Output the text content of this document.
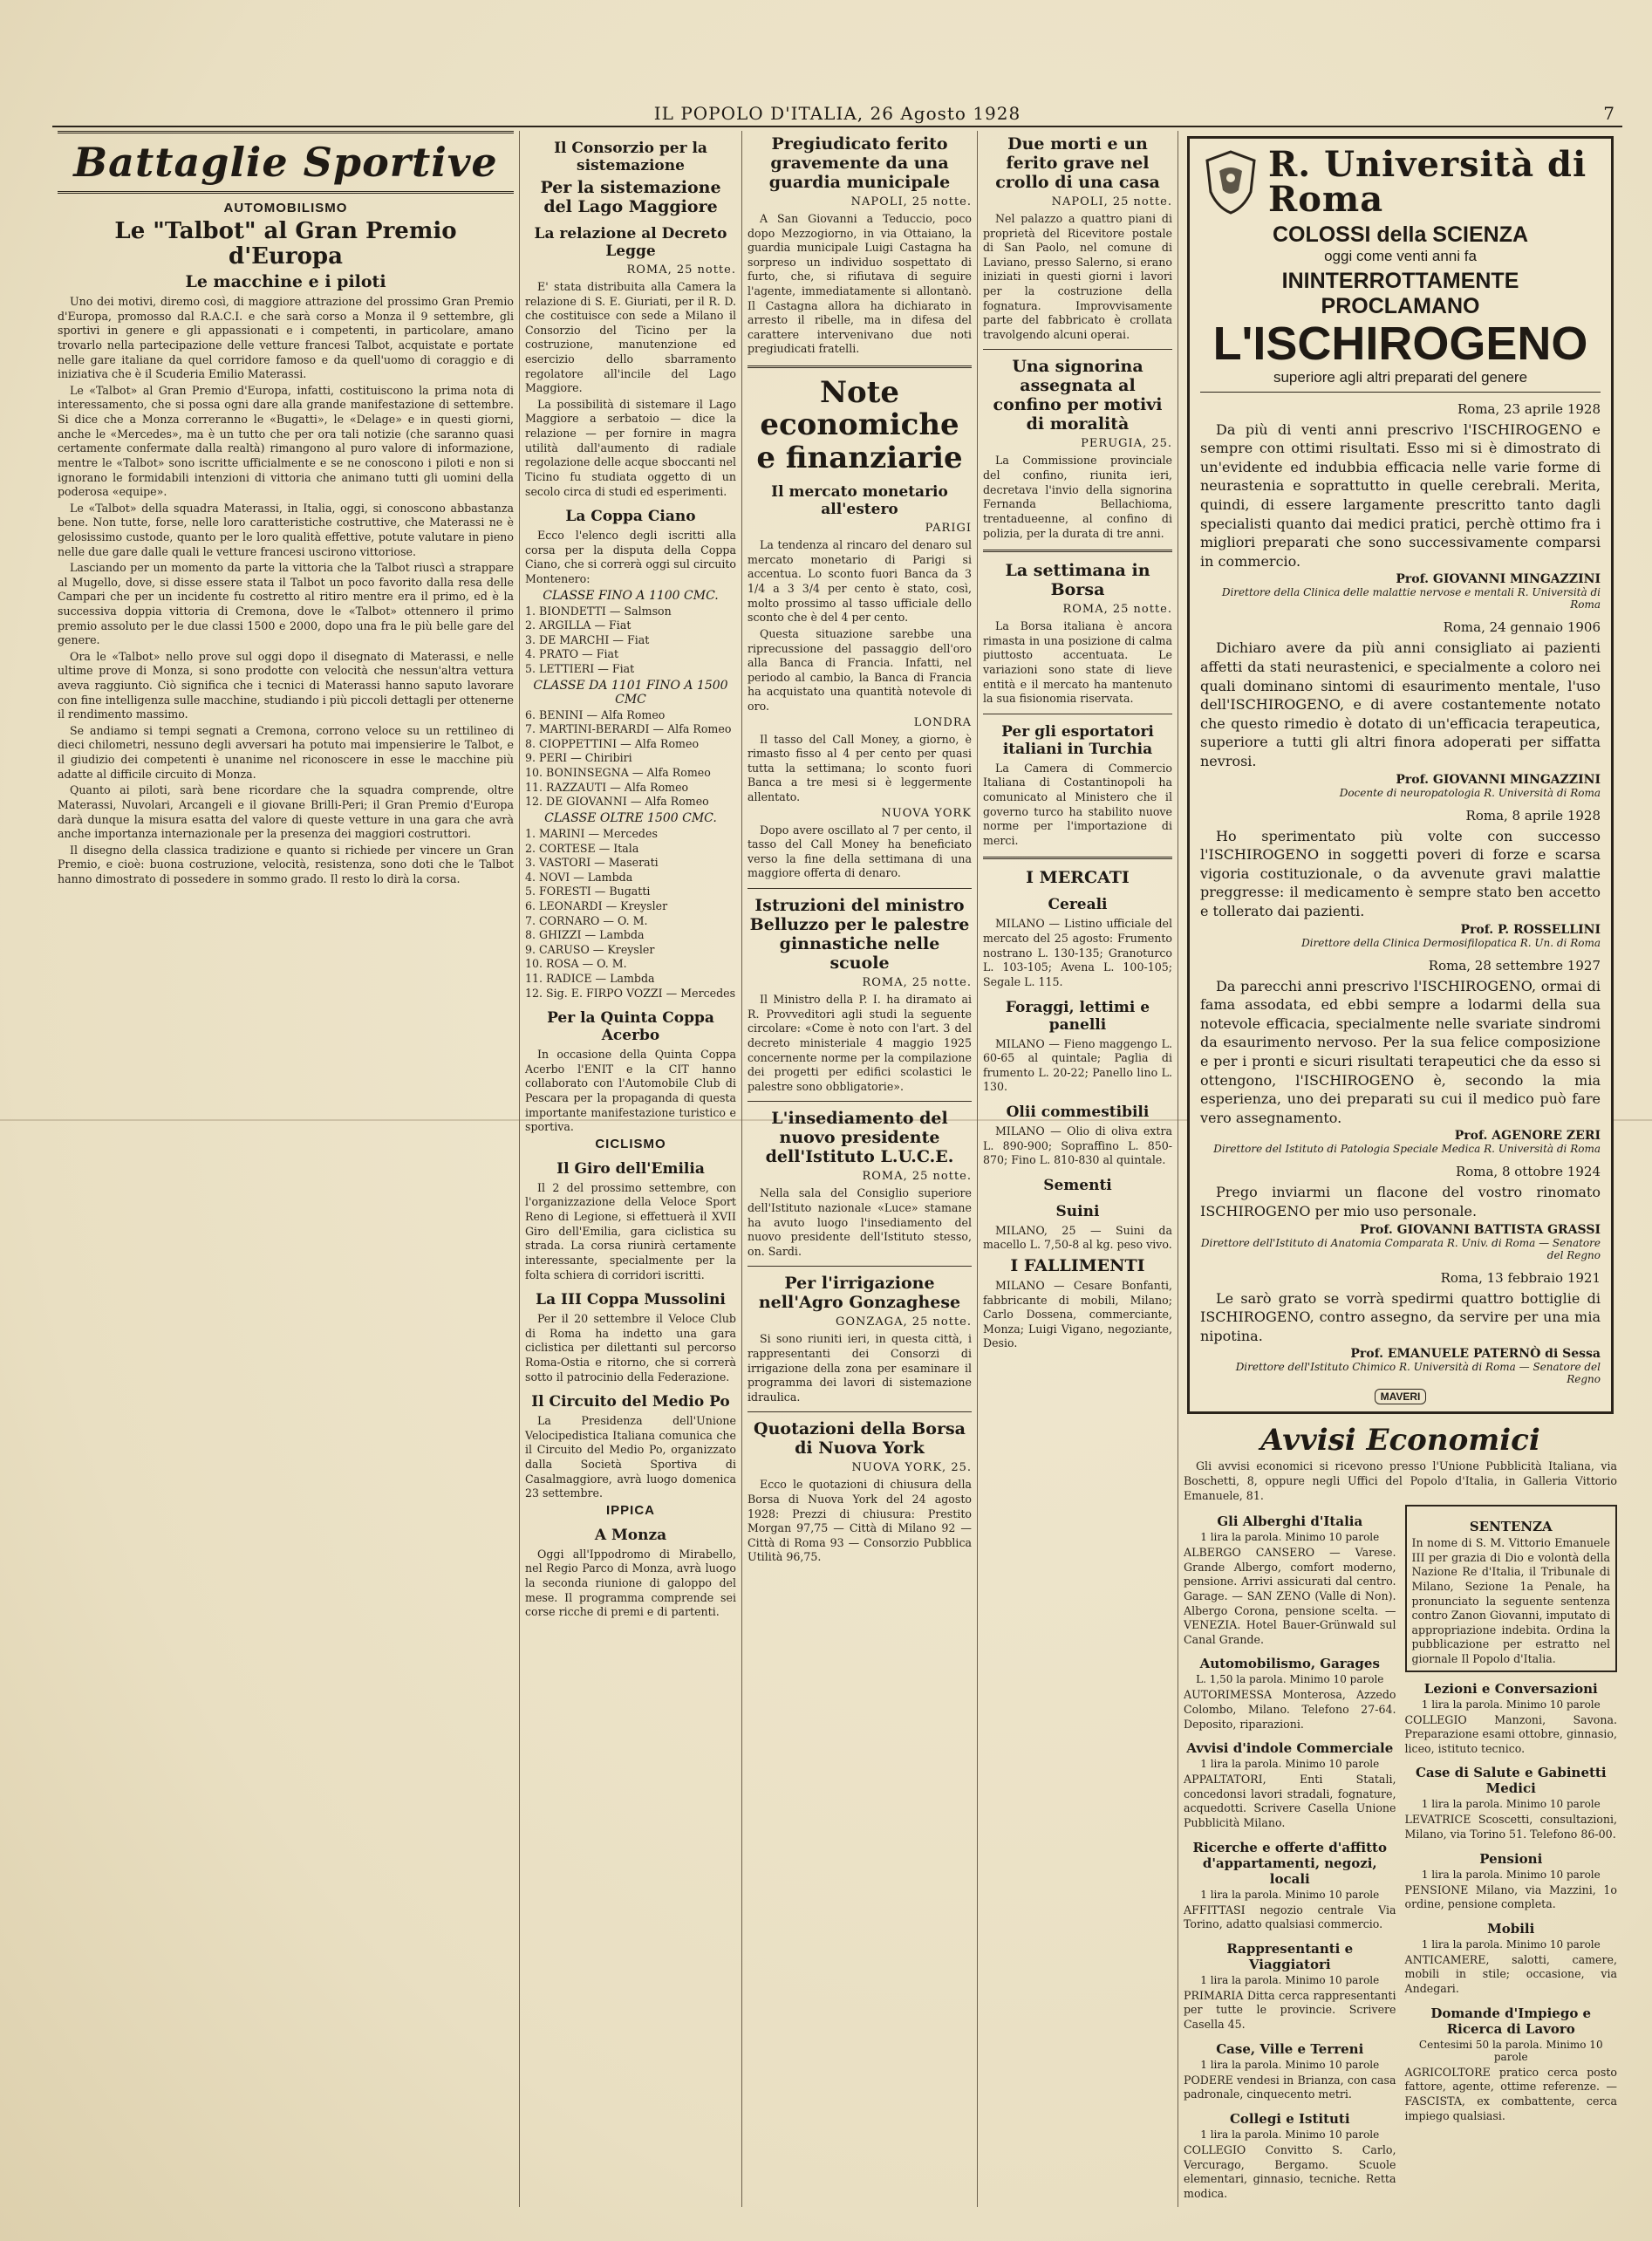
IL POPOLO D'ITALIA, 26 Agosto 1928	7
Battaglie Sportive
AUTOMOBILISMO
Le "Talbot" al Gran Premio d'Europa
Le macchine e i piloti

Uno dei motivi, diremo così, di maggiore attrazione del prossimo Gran Premio d'Europa, promosso dal R.A.C.I. e che sarà corso a Monza il 9 settembre, gli sportivi in genere e gli appassionati e i competenti, in particolare, amano trovarlo nella partecipazione delle vetture francesi Talbot, acquistate e portate nelle gare italiane da quel corridore famoso e da quell'uomo di coraggio e di iniziativa che è il Scuderia Emilio Materassi.

Le «Talbot» al Gran Premio d'Europa, infatti, costituiscono la prima nota di interessamento, che si possa ogni dare alla grande manifestazione di settembre. Si dice che a Monza correranno le «Bugatti», le «Delage» e in questi giorni, anche le «Mercedes», ma è un tutto che per ora tali notizie (che saranno quasi certamente confermate dalla realtà) rimangono al puro valore di informazione, mentre le «Talbot» sono iscritte ufficialmente e se ne conoscono i piloti e non si ignorano le formidabili intenzioni di vittoria che animano tutti gli uomini della poderosa «equipe».

Le «Talbot» della squadra Materassi, in Italia, oggi, si conoscono abbastanza bene. Non tutte, forse, nelle loro caratteristiche costruttive, che Materassi ne è gelosissimo custode, quanto per le loro qualità effettive, potute valutare in pieno nelle due gare dalle quali le vetture francesi uscirono vittoriose.

Lasciando per un momento da parte la vittoria che la Talbot riuscì a strappare al Mugello, dove, si disse essere stata il Talbot un poco favorito dalla resa delle Campari che per un incidente fu costretto al ritiro mentre era il primo, ed è la successiva doppia vittoria di Cremona, dove le «Talbot» ottennero il primo premio assoluto per le due classi 1500 e 2000, dopo una fra le più belle gare del genere.

Ora le «Talbot» nello prove sul oggi dopo il disegnato di Materassi, e nelle ultime prove di Monza, si sono prodotte con velocità che nessun'altra vettura aveva raggiunto. Ciò significa che i tecnici di Materassi hanno saputo lavorare con fine intelligenza sulle macchine, studiando i più piccoli dettagli per ottenerne il rendimento massimo.

Se andiamo si tempi segnati a Cremona, corrono veloce su un rettilineo di dieci chilometri, nessuno degli avversari ha potuto mai impensierire le Talbot, e il giudizio dei competenti è unanime nel riconoscere in esse le macchine più adatte al difficile circuito di Monza.

Quanto ai piloti, sarà bene ricordare che la squadra comprende, oltre Materassi, Nuvolari, Arcangeli e il giovane Brilli-Peri; il Gran Premio d'Europa darà dunque la misura esatta del valore di queste vetture in una gara che avrà anche importanza internazionale per la presenza dei maggiori costruttori.

Il disegno della classica tradizione e quanto si richiede per vincere un Gran Premio, e cioè: buona costruzione, velocità, resistenza, sono doti che le Talbot hanno dimostrato di possedere in sommo grado. Il resto lo dirà la corsa.

Il Consorzio per la sistemazione
Per la sistemazione del Lago Maggiore
La relazione al Decreto Legge
ROMA, 25 notte.

E' stata distribuita alla Camera la relazione di S. E. Giuriati, per il R. D. che costituisce con sede a Milano il Consorzio del Ticino per la costruzione, manutenzione ed esercizio dello sbarramento regolatore all'incile del Lago Maggiore.

La possibilità di sistemare il Lago Maggiore a serbatoio — dice la relazione — per fornire in magra utilità dall'aumento di radiale regolazione delle acque sboccanti nel Ticino fu studiata oggetto di un secolo circa di studi ed esperimenti.

La Coppa Ciano

Ecco l'elenco degli iscritti alla corsa per la disputa della Coppa Ciano, che si correrà oggi sul circuito Montenero:

CLASSE FINO A 1100 CMC.
1. BIONDETTI — Salmson
2. ARGILLA — Fiat
3. DE MARCHI — Fiat
4. PRATO — Fiat
5. LETTIERI — Fiat
CLASSE DA 1101 FINO A 1500 CMC
6. BENINI — Alfa Romeo
7. MARTINI-BERARDI — Alfa Romeo
8. CIOPPETTINI — Alfa Romeo
9. PERI — Chiribiri
10. BONINSEGNA — Alfa Romeo
11. RAZZAUTI — Alfa Romeo
12. DE GIOVANNI — Alfa Romeo
CLASSE OLTRE 1500 CMC.
1. MARINI — Mercedes
2. CORTESE — Itala
3. VASTORI — Maserati
4. NOVI — Lambda
5. FORESTI — Bugatti
6. LEONARDI — Kreysler
7. CORNARO — O. M.
8. GHIZZI — Lambda
9. CARUSO — Kreysler
10. ROSA — O. M.
11. RADICE — Lambda
12. Sig. E. FIRPO VOZZI — Mercedes
Per la Quinta Coppa Acerbo

In occasione della Quinta Coppa Acerbo l'ENIT e la CIT hanno collaborato con l'Automobile Club di Pescara per la propaganda di questa importante manifestazione turistico e sportiva.

CICLISMO
Il Giro dell'Emilia

Il 2 del prossimo settembre, con l'organizzazione della Veloce Sport Reno di Legione, si effettuerà il XVII Giro dell'Emilia, gara ciclistica su strada. La corsa riunirà certamente interessante, specialmente per la folta schiera di corridori iscritti.

La III Coppa Mussolini

Per il 20 settembre il Veloce Club di Roma ha indetto una gara ciclistica per dilettanti sul percorso Roma-Ostia e ritorno, che si correrà sotto il patrocinio della Federazione.

Il Circuito del Medio Po

La Presidenza dell'Unione Velocipedistica Italiana comunica che il Circuito del Medio Po, organizzato dalla Società Sportiva di Casalmaggiore, avrà luogo domenica 23 settembre.

IPPICA
A Monza

Oggi all'Ippodromo di Mirabello, nel Regio Parco di Monza, avrà luogo la seconda riunione di galoppo del mese. Il programma comprende sei corse ricche di premi e di partenti.

Pregiudicato ferito gravemente da una guardia municipale
NAPOLI, 25 notte.

A San Giovanni a Teduccio, poco dopo Mezzogiorno, in via Ottaiano, la guardia municipale Luigi Castagna ha sorpreso un individuo sospettato di furto, che, si rifiutava di seguire l'agente, immediatamente si allontanò. Il Castagna allora ha dichiarato in arresto il ribelle, ma in difesa del carattere intervenivano due noti pregiudicati fratelli.

Note economiche e finanziarie
Il mercato monetario all'estero
PARIGI

La tendenza al rincaro del denaro sul mercato monetario di Parigi si accentua. Lo sconto fuori Banca da 3 1/4 a 3 3/4 per cento è stato, così, molto prossimo al tasso ufficiale dello sconto che è del 4 per cento.

Questa situazione sarebbe una riprecussione del passaggio dell'oro alla Banca di Francia. Infatti, nel periodo al cambio, la Banca di Francia ha acquistato una quantità notevole di oro.

LONDRA

Il tasso del Call Money, a giorno, è rimasto fisso al 4 per cento per quasi tutta la settimana; lo sconto fuori Banca a tre mesi si è leggermente allentato.

NUOVA YORK

Dopo avere oscillato al 7 per cento, il tasso del Call Money ha beneficiato verso la fine della settimana di una maggiore offerta di denaro.

Istruzioni del ministro Belluzzo per le palestre ginnastiche nelle scuole
ROMA, 25 notte.

Il Ministro della P. I. ha diramato ai R. Provveditori agli studi la seguente circolare: «Come è noto con l'art. 3 del decreto ministeriale 4 maggio 1925 concernente norme per la compilazione dei progetti per edifici scolastici le palestre sono obbligatorie».

L'insediamento del nuovo presidente dell'Istituto L.U.C.E.
ROMA, 25 notte.

Nella sala del Consiglio superiore dell'Istituto nazionale «Luce» stamane ha avuto luogo l'insediamento del nuovo presidente dell'Istituto stesso, on. Sardi.

Per l'irrigazione nell'Agro Gonzaghese
GONZAGA, 25 notte.

Si sono riuniti ieri, in questa città, i rappresentanti dei Consorzi di irrigazione della zona per esaminare il programma dei lavori di sistemazione idraulica.

Quotazioni della Borsa di Nuova York
NUOVA YORK, 25.

Ecco le quotazioni di chiusura della Borsa di Nuova York del 24 agosto 1928: Prezzi di chiusura: Prestito Morgan 97,75 — Città di Milano 92 — Città di Roma 93 — Consorzio Pubblica Utilità 96,75.

Due morti e un ferito grave nel crollo di una casa
NAPOLI, 25 notte.

Nel palazzo a quattro piani di proprietà del Ricevitore postale di San Paolo, nel comune di Laviano, presso Salerno, si erano iniziati in questi giorni i lavori per la costruzione della fognatura. Improvvisamente parte del fabbricato è crollata travolgendo alcuni operai.

Una signorina assegnata al confino per motivi di moralità
PERUGIA, 25.

La Commissione provinciale del confino, riunita ieri, decretava l'invio della signorina Fernanda Bellachioma, trentadueenne, al confino di polizia, per la durata di tre anni.

La settimana in Borsa
ROMA, 25 notte.

La Borsa italiana è ancora rimasta in una posizione di calma piuttosto accentuata. Le variazioni sono state di lieve entità e il mercato ha mantenuto la sua fisionomia riservata.

Per gli esportatori italiani in Turchia

La Camera di Commercio Italiana di Costantinopoli ha comunicato al Ministero che il governo turco ha stabilito nuove norme per l'importazione di merci.

I MERCATI
Cereali

MILANO — Listino ufficiale del mercato del 25 agosto: Frumento nostrano L. 130-135; Granoturco L. 103-105; Avena L. 100-105; Segale L. 115.

Foraggi, lettimi e panelli

MILANO — Fieno maggengo L. 60-65 al quintale; Paglia di frumento L. 20-22; Panello lino L. 130.

Olii commestibili

MILANO — Olio di oliva extra L. 890-900; Sopraffino L. 850-870; Fino L. 810-830 al quintale.

Sementi
Suini

MILANO, 25 — Suini da macello L. 7,50-8 al kg. peso vivo.

I FALLIMENTI

MILANO — Cesare Bonfanti, fabbricante di mobili, Milano; Carlo Dossena, commerciante, Monza; Luigi Vigano, negoziante, Desio.

R. Università di Roma
COLOSSI della SCIENZA
oggi come venti anni fa
ININTERROTTAMENTE PROCLAMANO
L'ISCHIROGENO
superiore agli altri preparati del genere
Roma, 23 aprile 1928
Da più di venti anni prescrivo l'ISCHIROGENO e sempre con ottimi risultati. Esso mi si è dimostrato di un'evidente ed indubbia efficacia nelle varie forme di neurastenia e soprattutto in quelle cerebrali. Merita, quindi, di essere largamente prescritto tanto dagli specialisti quanto dai medici pratici, perchè ottimo fra i migliori preparati che sono successivamente comparsi in commercio.
Prof. GIOVANNI MINGAZZINI
Direttore della Clinica delle malattie nervose e mentali R. Università di Roma
Roma, 24 gennaio 1906
Dichiaro avere da più anni consigliato ai pazienti affetti da stati neurastenici, e specialmente a coloro nei quali dominano sintomi di esaurimento mentale, l'uso dell'ISCHIROGENO, e di avere costantemente notato che questo rimedio è dotato di un'efficacia terapeutica, superiore a tutti gli altri finora adoperati per siffatta nevrosi.
Prof. GIOVANNI MINGAZZINI
Docente di neuropatologia R. Università di Roma
Roma, 8 aprile 1928
Ho sperimentato più volte con successo l'ISCHIROGENO in soggetti poveri di forze e scarsa vigoria costituzionale, o da avvenute gravi malattie preggresse: il medicamento è sempre stato ben accetto e tollerato dai pazienti.
Prof. P. ROSSELLINI
Direttore della Clinica Dermosifilopatica R. Un. di Roma
Roma, 28 settembre 1927
Da parecchi anni prescrivo l'ISCHIROGENO, ormai di fama assodata, ed ebbi sempre a lodarmi della sua notevole efficacia, specialmente nelle svariate sindromi da esaurimento nervoso. Per la sua felice composizione e per i pronti e sicuri risultati terapeutici che da esso si ottengono, l'ISCHIROGENO è, secondo la mia esperienza, uno dei preparati su cui il medico può fare vero assegnamento.
Prof. AGENORE ZERI
Direttore del Istituto di Patologia Speciale Medica R. Università di Roma
Roma, 8 ottobre 1924
Prego inviarmi un flacone del vostro rinomato ISCHIROGENO per mio uso personale.
Prof. GIOVANNI BATTISTA GRASSI
Direttore dell'Istituto di Anatomia Comparata R. Univ. di Roma — Senatore del Regno
Roma, 13 febbraio 1921
Le sarò grato se vorrà spedirmi quattro bottiglie di ISCHIROGENO, contro assegno, da servire per una mia nipotina.
Prof. EMANUELE PATERNÒ di Sessa
Direttore dell'Istituto Chimico R. Università di Roma — Senatore del Regno
MAVERI
Avvisi Economici

Gli avvisi economici si ricevono presso l'Unione Pubblicità Italiana, via Boschetti, 8, oppure negli Uffici del Popolo d'Italia, in Galleria Vittorio Emanuele, 81.

Gli Alberghi d'Italia
1 lira la parola. Minimo 10 parole
ALBERGO CANSERO — Varese. Grande Albergo, comfort moderno, pensione. Arrivi assicurati dal centro. Garage. — SAN ZENO (Valle di Non). Albergo Corona, pensione scelta. — VENEZIA. Hotel Bauer-Grünwald sul Canal Grande.
Automobilismo, Garages
L. 1,50 la parola. Minimo 10 parole
AUTORIMESSA Monterosa, Azzedo Colombo, Milano. Telefono 27-64. Deposito, riparazioni.
Avvisi d'indole Commerciale
1 lira la parola. Minimo 10 parole
APPALTATORI, Enti Statali, concedonsi lavori stradali, fognature, acquedotti. Scrivere Casella Unione Pubblicità Milano.
Ricerche e offerte d'affitto d'appartamenti, negozi, locali
1 lira la parola. Minimo 10 parole
AFFITTASI negozio centrale Via Torino, adatto qualsiasi commercio.
Rappresentanti e Viaggiatori
1 lira la parola. Minimo 10 parole
PRIMARIA Ditta cerca rappresentanti per tutte le provincie. Scrivere Casella 45.
Case, Ville e Terreni
1 lira la parola. Minimo 10 parole
PODERE vendesi in Brianza, con casa padronale, cinquecento metri.
Collegi e Istituti
1 lira la parola. Minimo 10 parole
COLLEGIO Convitto S. Carlo, Vercurago, Bergamo. Scuole elementari, ginnasio, tecniche. Retta modica.
SENTENZA
In nome di S. M. Vittorio Emanuele III per grazia di Dio e volontà della Nazione Re d'Italia, il Tribunale di Milano, Sezione 1a Penale, ha pronunciato la seguente sentenza contro Zanon Giovanni, imputato di appropriazione indebita. Ordina la pubblicazione per estratto nel giornale Il Popolo d'Italia.
Lezioni e Conversazioni
1 lira la parola. Minimo 10 parole
COLLEGIO Manzoni, Savona. Preparazione esami ottobre, ginnasio, liceo, istituto tecnico.
Case di Salute e Gabinetti Medici
1 lira la parola. Minimo 10 parole
LEVATRICE Scoscetti, consultazioni, Milano, via Torino 51. Telefono 86-00.
Pensioni
1 lira la parola. Minimo 10 parole
PENSIONE Milano, via Mazzini, 1o ordine, pensione completa.
Mobili
1 lira la parola. Minimo 10 parole
ANTICAMERE, salotti, camere, mobili in stile; occasione, via Andegari.
Domande d'Impiego e Ricerca di Lavoro
Centesimi 50 la parola. Minimo 10 parole
AGRICOLTORE pratico cerca posto fattore, agente, ottime referenze. — FASCISTA, ex combattente, cerca impiego qualsiasi.
